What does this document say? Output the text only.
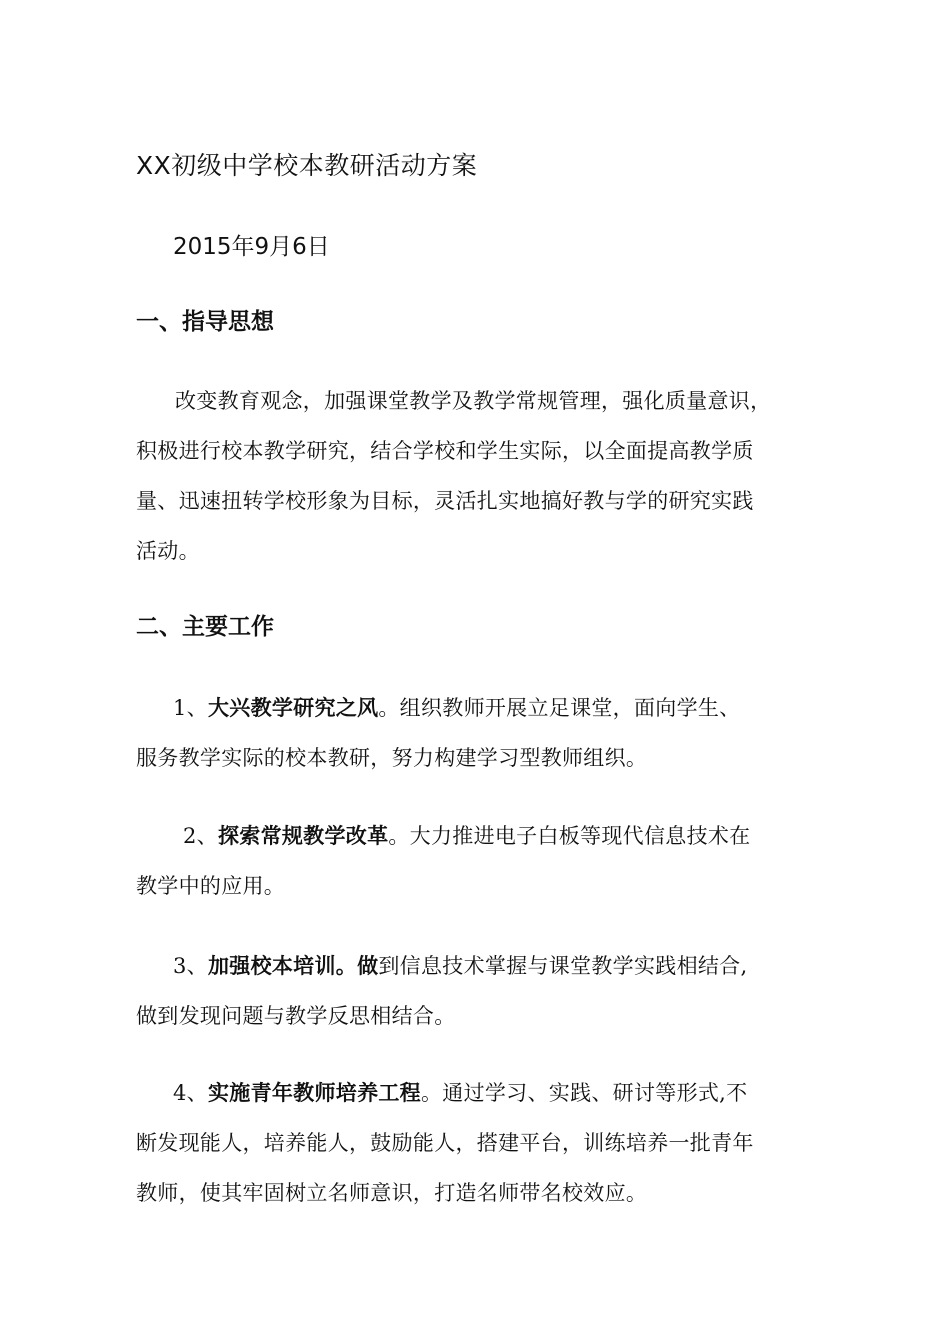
XX初级中学校本教研活动方案
2015年9月6日
一、指导思想
改变教育观念，加强课堂教学及教学常规管理，强化质量意识，
积极进行校本教学研究，结合学校和学生实际，以全面提高教学质
量、迅速扭转学校形象为目标，灵活扎实地搞好教与学的研究实践
活动。
二、主要工作
1、大兴教学研究之风。组织教师开展立足课堂，面向学生、
服务教学实际的校本教研，努力构建学习型教师组织。
2、探索常规教学改革。大力推进电子白板等现代信息技术在
教学中的应用。
3、加强校本培训。做到信息技术掌握与课堂教学实践相结合,
做到发现问题与教学反思相结合。
4、实施青年教师培养工程。通过学习、实践、研讨等形式,不
断发现能人，培养能人，鼓励能人，搭建平台，训练培养一批青年
教师，使其牢固树立名师意识，打造名师带名校效应。
